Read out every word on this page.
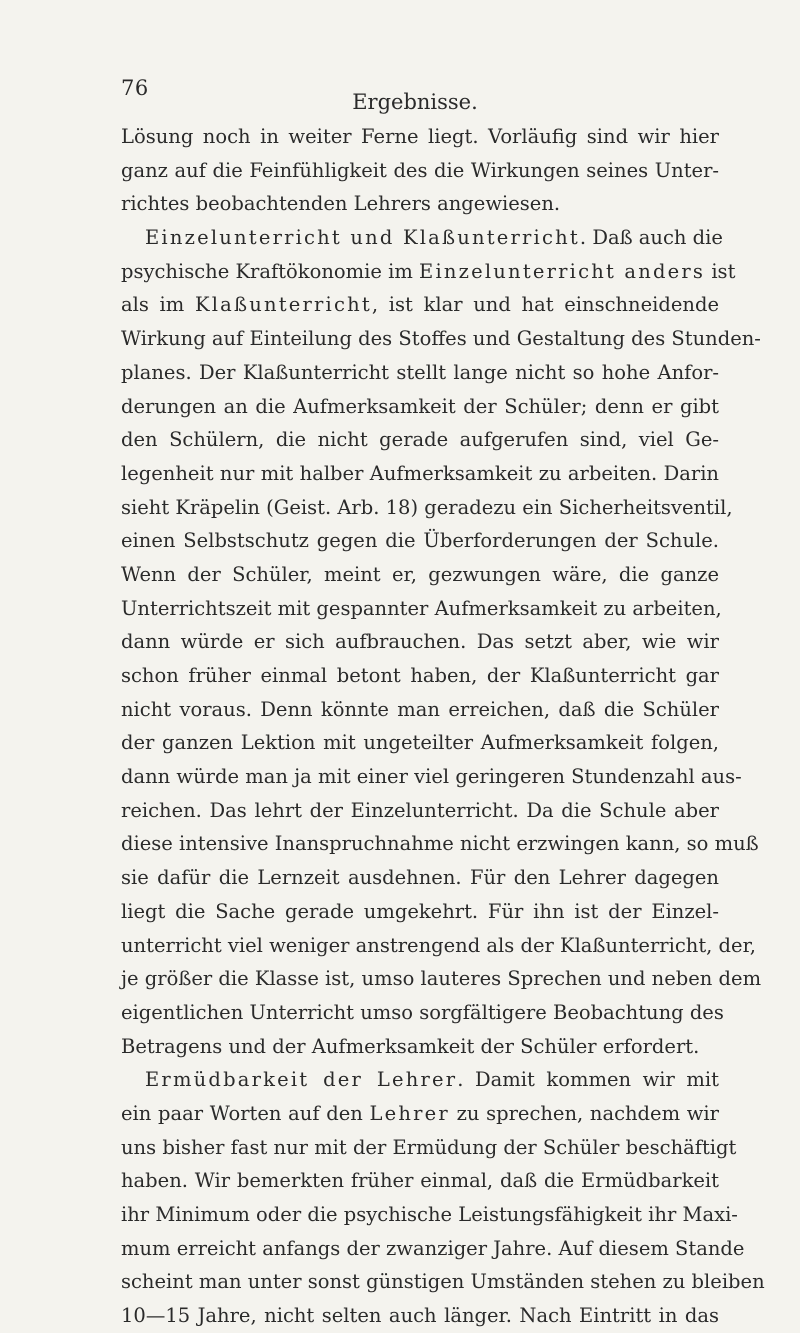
76
Ergebnisse.
Lösung noch in weiter Ferne liegt. Vorläufig sind wir hier
ganz auf die Feinfühligkeit des die Wirkungen seines Unter-
richtes beobachtenden Lehrers angewiesen.
Einzelunterricht und Klaßunterricht. Daß auch die
psychische Kraftökonomie im Einzelunterricht anders ist
als im Klaßunterricht, ist klar und hat einschneidende
Wirkung auf Einteilung des Stoffes und Gestaltung des Stunden-
planes. Der Klaßunterricht stellt lange nicht so hohe Anfor-
derungen an die Aufmerksamkeit der Schüler; denn er gibt
den Schülern, die nicht gerade aufgerufen sind, viel Ge-
legenheit nur mit halber Aufmerksamkeit zu arbeiten. Darin
sieht Kräpelin (Geist. Arb. 18) geradezu ein Sicherheitsventil,
einen Selbstschutz gegen die Überforderungen der Schule.
Wenn der Schüler, meint er, gezwungen wäre, die ganze
Unterrichtszeit mit gespannter Aufmerksamkeit zu arbeiten,
dann würde er sich aufbrauchen. Das setzt aber, wie wir
schon früher einmal betont haben, der Klaßunterricht gar
nicht voraus. Denn könnte man erreichen, daß die Schüler
der ganzen Lektion mit ungeteilter Aufmerksamkeit folgen,
dann würde man ja mit einer viel geringeren Stundenzahl aus-
reichen. Das lehrt der Einzelunterricht. Da die Schule aber
diese intensive Inanspruchnahme nicht erzwingen kann, so muß
sie dafür die Lernzeit ausdehnen. Für den Lehrer dagegen
liegt die Sache gerade umgekehrt. Für ihn ist der Einzel-
unterricht viel weniger anstrengend als der Klaßunterricht, der,
je größer die Klasse ist, umso lauteres Sprechen und neben dem
eigentlichen Unterricht umso sorgfältigere Beobachtung des
Betragens und der Aufmerksamkeit der Schüler erfordert.
Ermüdbarkeit der Lehrer. Damit kommen wir mit
ein paar Worten auf den Lehrer zu sprechen, nachdem wir
uns bisher fast nur mit der Ermüdung der Schüler beschäftigt
haben. Wir bemerkten früher einmal, daß die Ermüdbarkeit
ihr Minimum oder die psychische Leistungsfähigkeit ihr Maxi-
mum erreicht anfangs der zwanziger Jahre. Auf diesem Stande
scheint man unter sonst günstigen Umständen stehen zu bleiben
10—15 Jahre, nicht selten auch länger. Nach Eintritt in das
